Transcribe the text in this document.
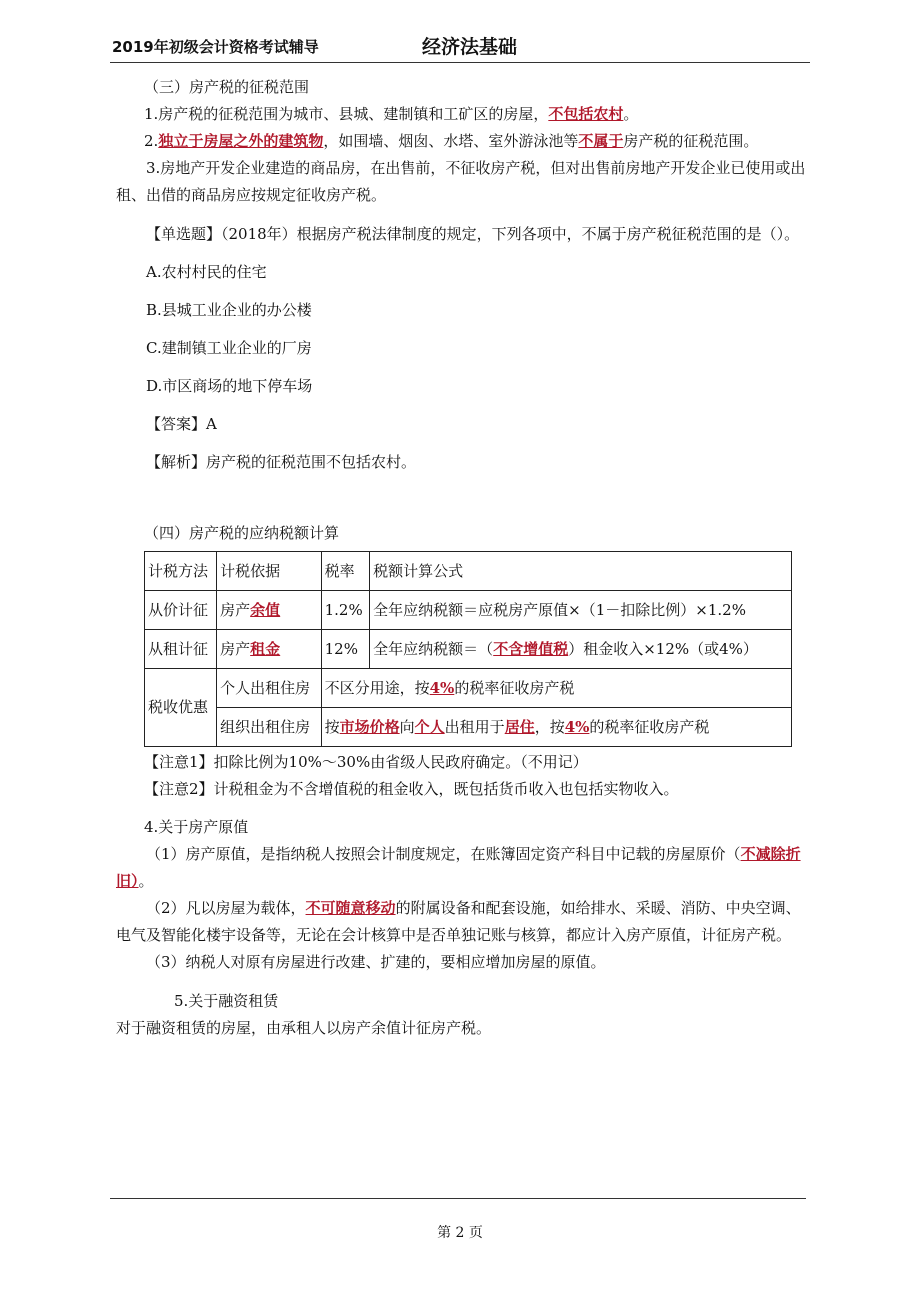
2019年初级会计资格考试辅导	经济法基础

（三）房产税的征税范围

1.房产税的征税范围为城市、县城、建制镇和工矿区的房屋，不包括农村。

2.独立于房屋之外的建筑物，如围墙、烟囱、水塔、室外游泳池等不属于房产税的征税范围。

3.房地产开发企业建造的商品房，在出售前，不征收房产税，但对出售前房地产开发企业已使用或出租、出借的商品房应按规定征收房产税。

【单选题】（2018年）根据房产税法律制度的规定，下列各项中，不属于房产税征税范围的是（）。

A.农村村民的住宅

B.县城工业企业的办公楼

C.建制镇工业企业的厂房

D.市区商场的地下停车场

【答案】A

【解析】房产税的征税范围不包括农村。

（四）房产税的应纳税额计算

计税方法	计税依据	税率	税额计算公式
从价计征	房产余值	1.2%	全年应纳税额＝应税房产原值×（1－扣除比例）×1.2%
从租计征	房产租金	12%	全年应纳税额＝（不含增值税）租金收入×12%（或4%）
税收优惠	个人出租住房	不区分用途，按4%的税率征收房产税	
	组织出租住房	按市场价格向个人出租用于居住，按4%的税率征收房产税	

【注意1】扣除比例为10%～30%由省级人民政府确定。（不用记）

【注意2】计税租金为不含增值税的租金收入，既包括货币收入也包括实物收入。

4.关于房产原值

（1）房产原值，是指纳税人按照会计制度规定，在账簿固定资产科目中记载的房屋原价（不减除折旧）。

（2）凡以房屋为载体，不可随意移动的附属设备和配套设施，如给排水、采暖、消防、中央空调、电气及智能化楼宇设备等，无论在会计核算中是否单独记账与核算，都应计入房产原值，计征房产税。

（3）纳税人对原有房屋进行改建、扩建的，要相应增加房屋的原值。

5.关于融资租赁

对于融资租赁的房屋，由承租人以房产余值计征房产税。

第 2 页
